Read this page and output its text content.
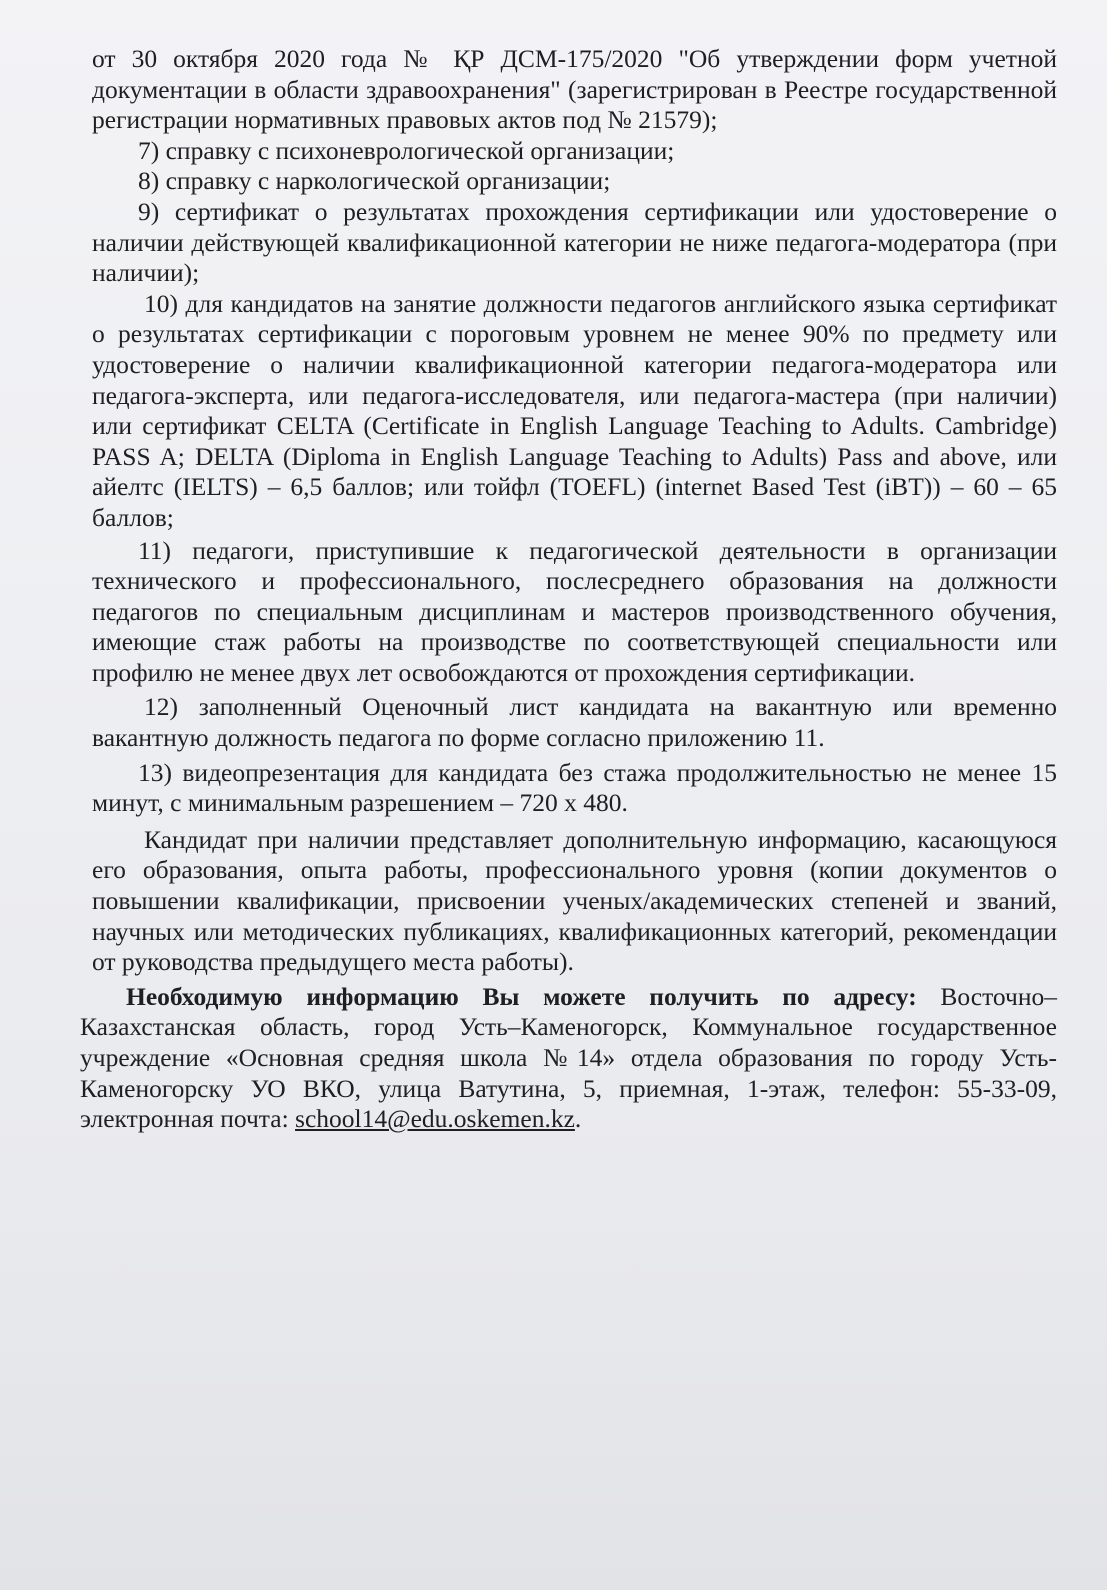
от 30 октября 2020 года № ҚР ДСМ-175/2020 "Об утверждении форм учетной документации в области здравоохранения" (зарегистрирован в Реестре государственной регистрации нормативных правовых актов под № 21579);

7) справку с психоневрологической организации;

8) справку с наркологической организации;

9) сертификат о результатах прохождения сертификации или удостоверение о наличии действующей квалификационной категории не ниже педагога-модератора (при наличии);

10) для кандидатов на занятие должности педагогов английского языка сертификат о результатах сертификации с пороговым уровнем не менее 90% по предмету или удостоверение о наличии квалификационной категории педагога-модератора или педагога-эксперта, или педагога-исследователя, или педагога-мастера (при наличии) или сертификат CELTA (Certificate in English Language Teaching to Adults. Cambridge) PASS A; DELTA (Diploma in English Language Teaching to Adults) Pass and above, или айелтс (IELTS) – 6,5 баллов; или тойфл (TOEFL) (internet Based Test (iBT)) – 60 – 65 баллов;

11) педагоги, приступившие к педагогической деятельности в организации технического и профессионального, послесреднего образования на должности педагогов по специальным дисциплинам и мастеров производственного обучения, имеющие стаж работы на производстве по соответствующей специальности или профилю не менее двух лет освобождаются от прохождения сертификации.

12) заполненный Оценочный лист кандидата на вакантную или временно вакантную должность педагога по форме согласно приложению 11.

13) видеопрезентация для кандидата без стажа продолжительностью не менее 15 минут, с минимальным разрешением – 720 х 480.

Кандидат при наличии представляет дополнительную информацию, касающуюся его образования, опыта работы, профессионального уровня (копии документов о повышении квалификации, присвоении ученых/академических степеней и званий, научных или методических публикациях, квалификационных категорий, рекомендации от руководства предыдущего места работы).

Необходимую информацию Вы можете получить по адресу: Восточно–Казахстанская область, город Усть–Каменогорск, Коммунальное государственное учреждение «Основная средняя школа №14» отдела образования по городу Усть-Каменогорску УО ВКО, улица Ватутина, 5, приемная, 1-этаж, телефон: 55-33-09, электронная почта: school14@edu.oskemen.kz.
